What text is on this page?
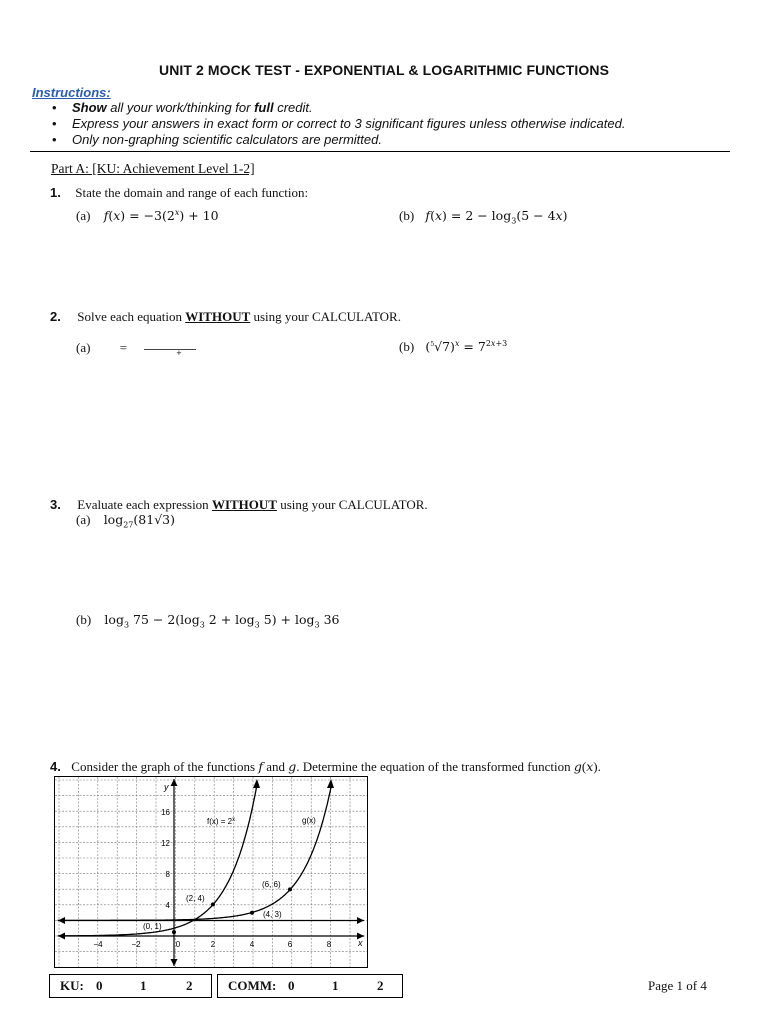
UNIT 2 MOCK TEST - EXPONENTIAL & LOGARITHMIC FUNCTIONS
Instructions:
• Show all your work/thinking for full credit.
• Express your answers in exact form or correct to 3 significant figures unless otherwise indicated.
• Only non-graphing scientific calculators are permitted.
Part A: [KU: Achievement Level 1-2]
1. State the domain and range of each function:
(a) $f(x) = -3(2^x) + 10$	(b) $f(x) = 2 - \log_3(5 - 4x)$
2. Solve each equation WITHOUT using your CALCULATOR.
(a) =	+	(b) $(^5√7)^x = 7^{2x+3}$
3. Evaluate each expression WITHOUT using your CALCULATOR.
(a) $\log_{27}(81√3)$
(b) $\log_3 75 - 2(\log_3$ $2 + \log_3 5) + \log_3 36$
4. Consider the graph of the functions f and g. Determine the equation of the transformed function g(x).
−4	−2	0	2	4	6	8
4
8
12
16
x
y
$f(x) = 2^x$	g(x)
(2, 4)
(6, 6)
(4, 3)
(0, 1)
KU: 0	1	2	COMM: 0	1	2	Page 1 of 4
